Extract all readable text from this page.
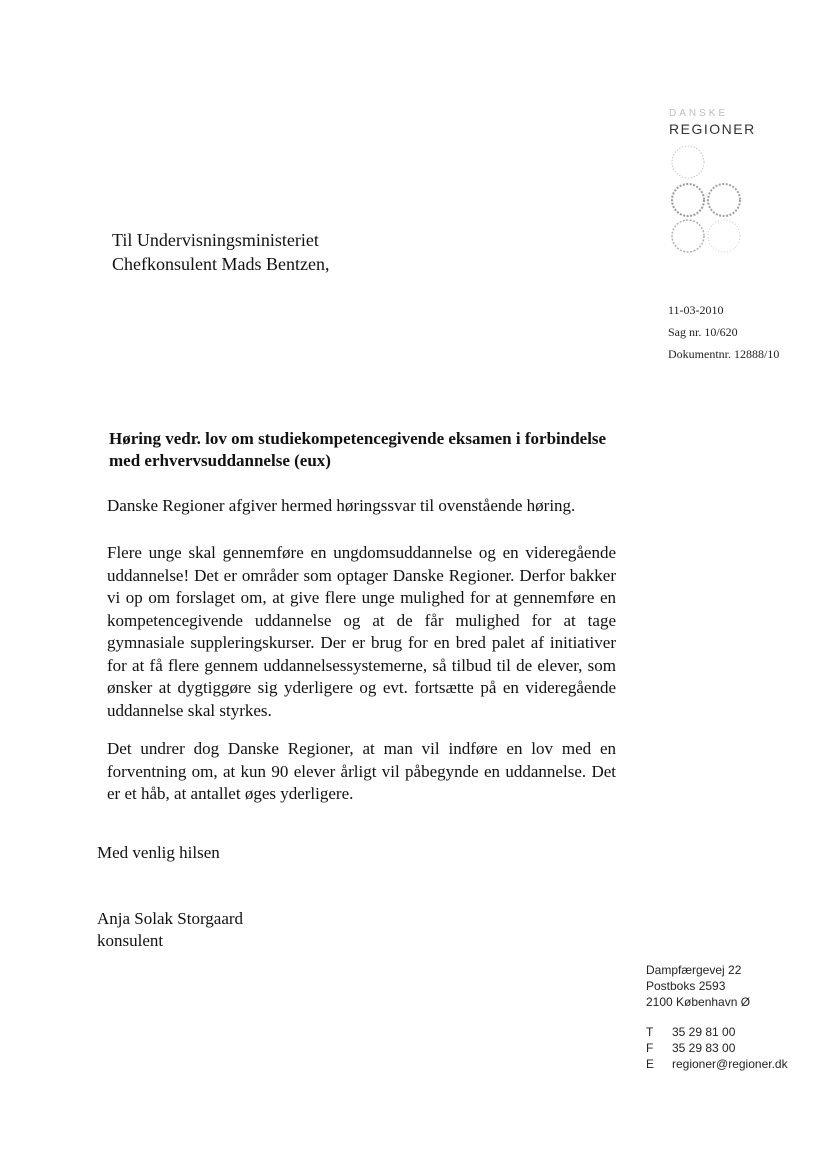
DANSKE
REGIONER
Til Undervisningsministeriet
Chefkonsulent Mads Bentzen,
11-03-2010
Sag nr. 10/620
Dokumentnr. 12888/10
Høring vedr. lov om studiekompetencegivende eksamen i forbindelse med erhvervsuddannelse (eux)
Danske Regioner afgiver hermed høringssvar til ovenstående høring.
Flere unge skal gennemføre en ungdomsuddannelse og en videregående uddannelse! Det er områder som optager Danske Regioner. Derfor bakker vi op om forslaget om, at give flere unge mulighed for at gennemføre en kompetencegivende uddannelse og at de får mulighed for at tage gymnasiale suppleringskurser. Der er brug for en bred palet af initiativer for at få flere gennem uddannelsessystemerne, så tilbud til de elever, som ønsker at dygtiggøre sig yderligere og evt. fortsætte på en videregående uddannelse skal styrkes.
Det undrer dog Danske Regioner, at man vil indføre en lov med en forventning om, at kun 90 elever årligt vil påbegynde en uddannelse. Det er et håb, at antallet øges yderligere.
Med venlig hilsen
Anja Solak Storgaard
konsulent
Dampfærgevej 22
Postboks 2593
2100 København Ø
T	35 29 81 00
F	35 29 83 00
E	regioner@regioner.dk
